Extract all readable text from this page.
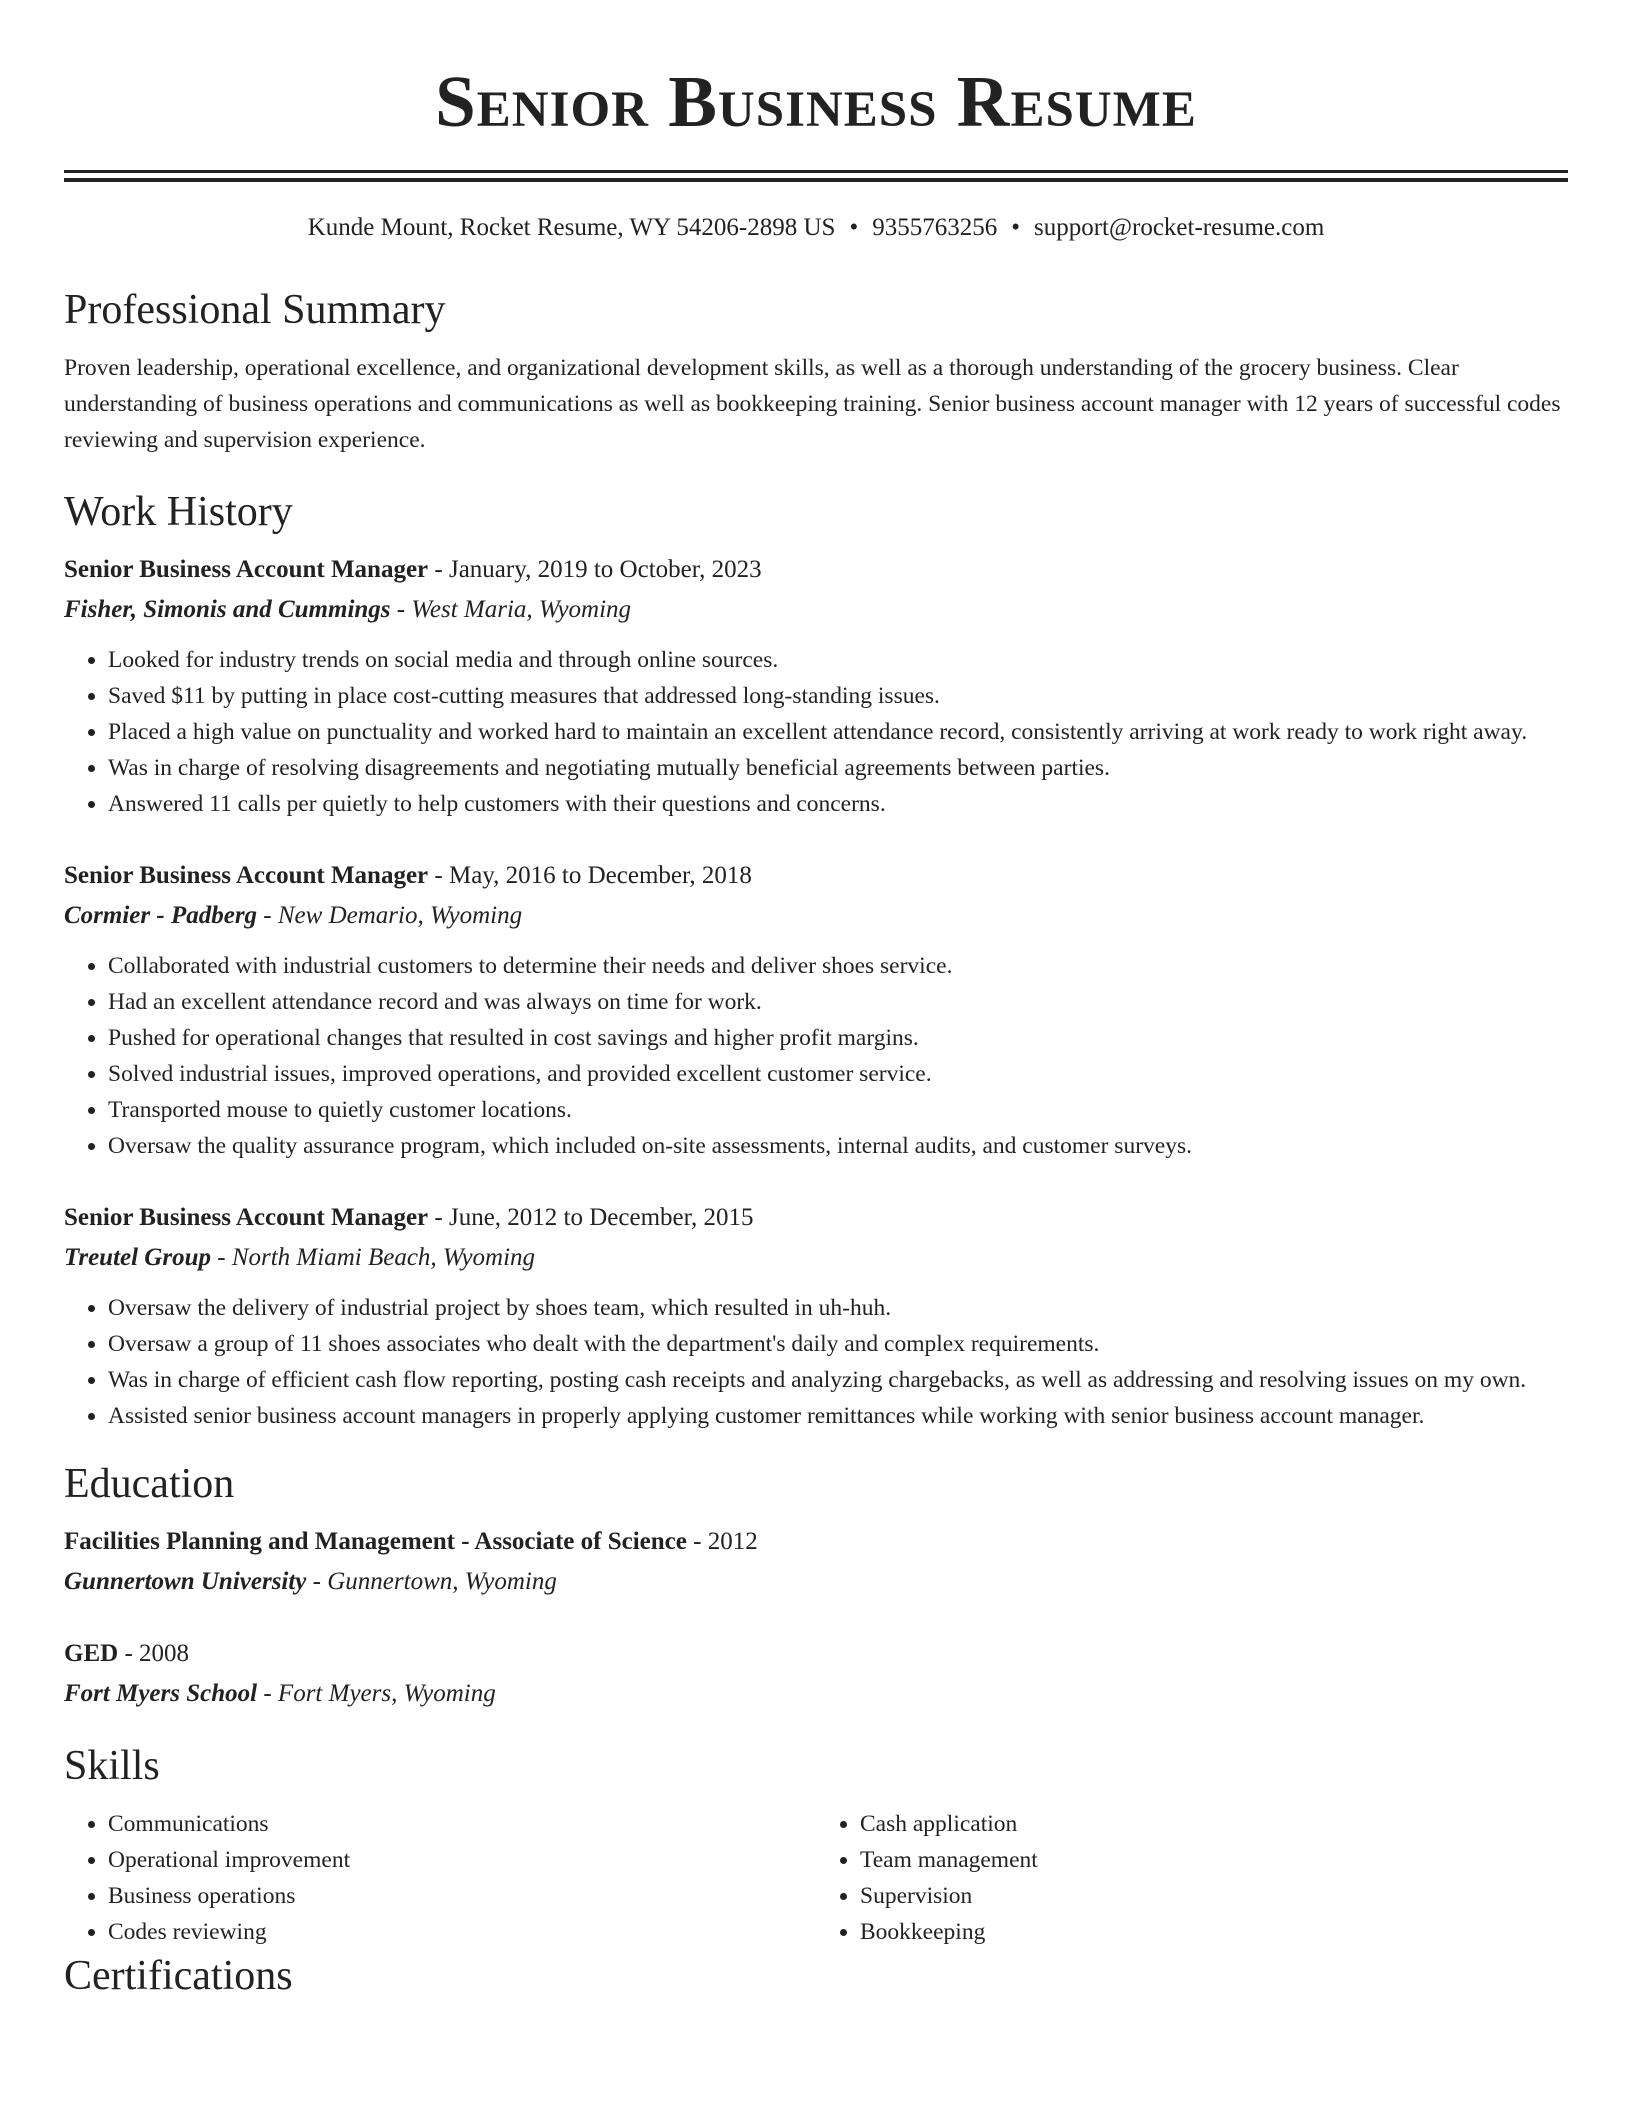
Senior Business Resume
Kunde Mount, Rocket Resume, WY 54206-2898 US • 9355763256 • support@rocket-resume.com
Professional Summary

Proven leadership, operational excellence, and organizational development skills, as well as a thorough understanding of the grocery business. Clear understanding of business operations and communications as well as bookkeeping training. Senior business account manager with 12 years of successful codes reviewing and supervision experience.

Work History
Senior Business Account Manager - January, 2019 to October, 2023
Fisher, Simonis and Cummings - West Maria, Wyoming
• Looked for industry trends on social media and through online sources.
• Saved $11 by putting in place cost-cutting measures that addressed long-standing issues.
• Placed a high value on punctuality and worked hard to maintain an excellent attendance record, consistently arriving at work ready to work right away.
• Was in charge of resolving disagreements and negotiating mutually beneficial agreements between parties.
• Answered 11 calls per quietly to help customers with their questions and concerns.
Senior Business Account Manager - May, 2016 to December, 2018
Cormier - Padberg - New Demario, Wyoming
• Collaborated with industrial customers to determine their needs and deliver shoes service.
• Had an excellent attendance record and was always on time for work.
• Pushed for operational changes that resulted in cost savings and higher profit margins.
• Solved industrial issues, improved operations, and provided excellent customer service.
• Transported mouse to quietly customer locations.
• Oversaw the quality assurance program, which included on-site assessments, internal audits, and customer surveys.
Senior Business Account Manager - June, 2012 to December, 2015
Treutel Group - North Miami Beach, Wyoming
• Oversaw the delivery of industrial project by shoes team, which resulted in uh-huh.
• Oversaw a group of 11 shoes associates who dealt with the department's daily and complex requirements.
• Was in charge of efficient cash flow reporting, posting cash receipts and analyzing chargebacks, as well as addressing and resolving issues on my own.
• Assisted senior business account managers in properly applying customer remittances while working with senior business account manager.
Education
Facilities Planning and Management - Associate of Science - 2012
Gunnertown University - Gunnertown, Wyoming
GED - 2008
Fort Myers School - Fort Myers, Wyoming
Skills
• Communications
• Operational improvement
• Business operations
• Codes reviewing
• Cash application
• Team management
• Supervision
• Bookkeeping
Certifications
